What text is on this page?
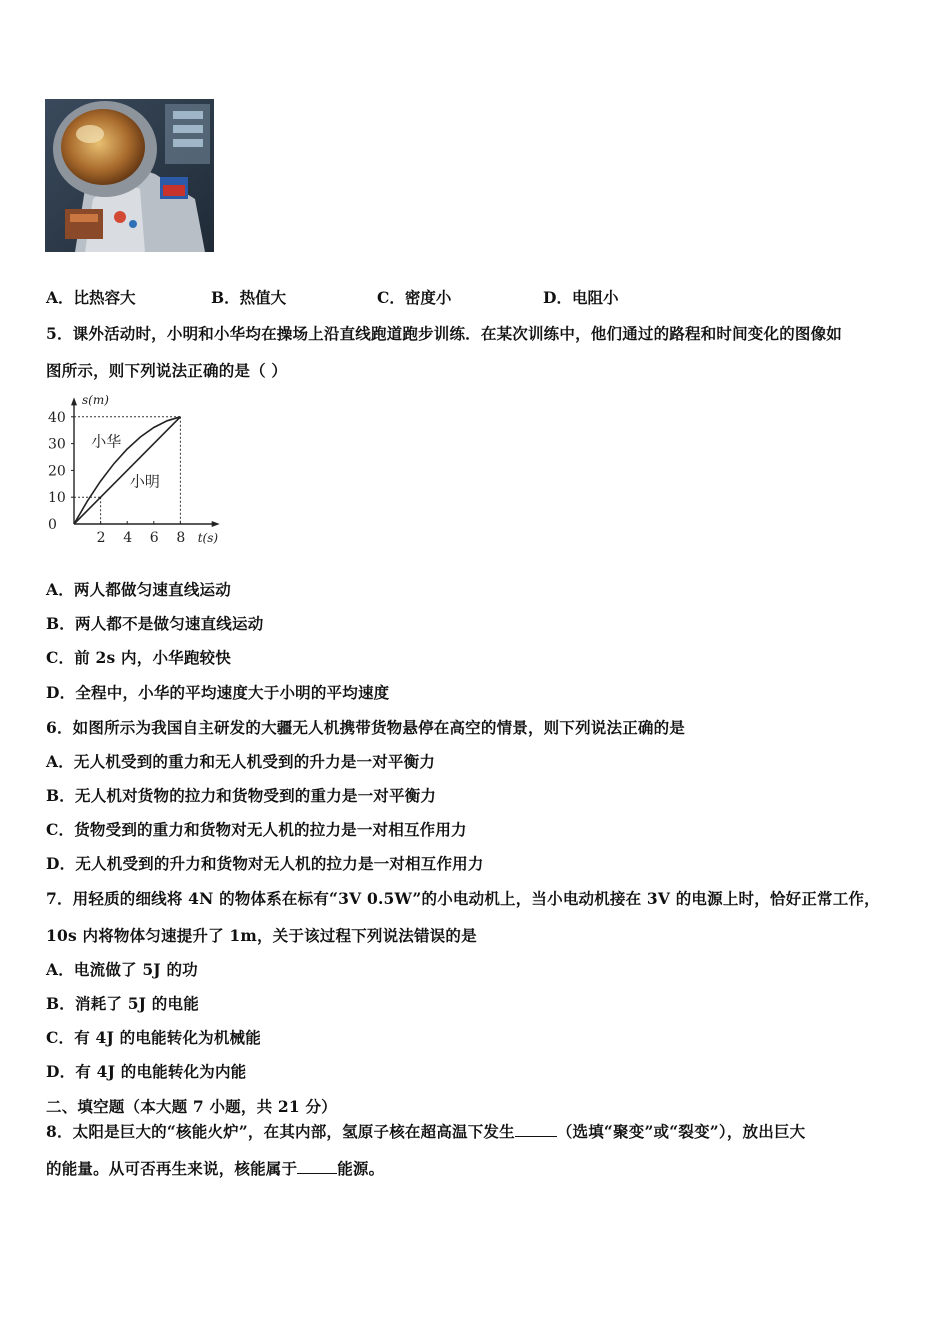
A．比热容大	B．热值大	C．密度小	D．电阻小
5．课外活动时，小明和小华均在操场上沿直线跑道跑步训练．在某次训练中，他们通过的路程和时间变化的图像如
图所示，则下列说法正确的是（ ）
s(m)
t(s)
0
10
20
30
40
2 4 6 8
小华
小明
A．两人都做匀速直线运动
B．两人都不是做匀速直线运动
C．前 2s 内，小华跑较快
D．全程中，小华的平均速度大于小明的平均速度
6．如图所示为我国自主研发的大疆无人机携带货物悬停在高空的情景，则下列说法正确的是
A．无人机受到的重力和无人机受到的升力是一对平衡力
B．无人机对货物的拉力和货物受到的重力是一对平衡力
C．货物受到的重力和货物对无人机的拉力是一对相互作用力
D．无人机受到的升力和货物对无人机的拉力是一对相互作用力
7．用轻质的细线将 4N 的物体系在标有“3V 0.5W”的小电动机上，当小电动机接在 3V 的电源上时，恰好正常工作，
10s 内将物体匀速提升了 1m，关于该过程下列说法错误的是
A．电流做了 5J 的功
B．消耗了 5J 的电能
C．有 4J 的电能转化为机械能
D．有 4J 的电能转化为内能
二、填空题（本大题 7 小题，共 21 分）
8．太阳是巨大的“核能火炉”，在其内部，氢原子核在超高温下发生	（选填“聚变”或“裂变”），放出巨大
的能量。从可否再生来说，核能属于	能源。
